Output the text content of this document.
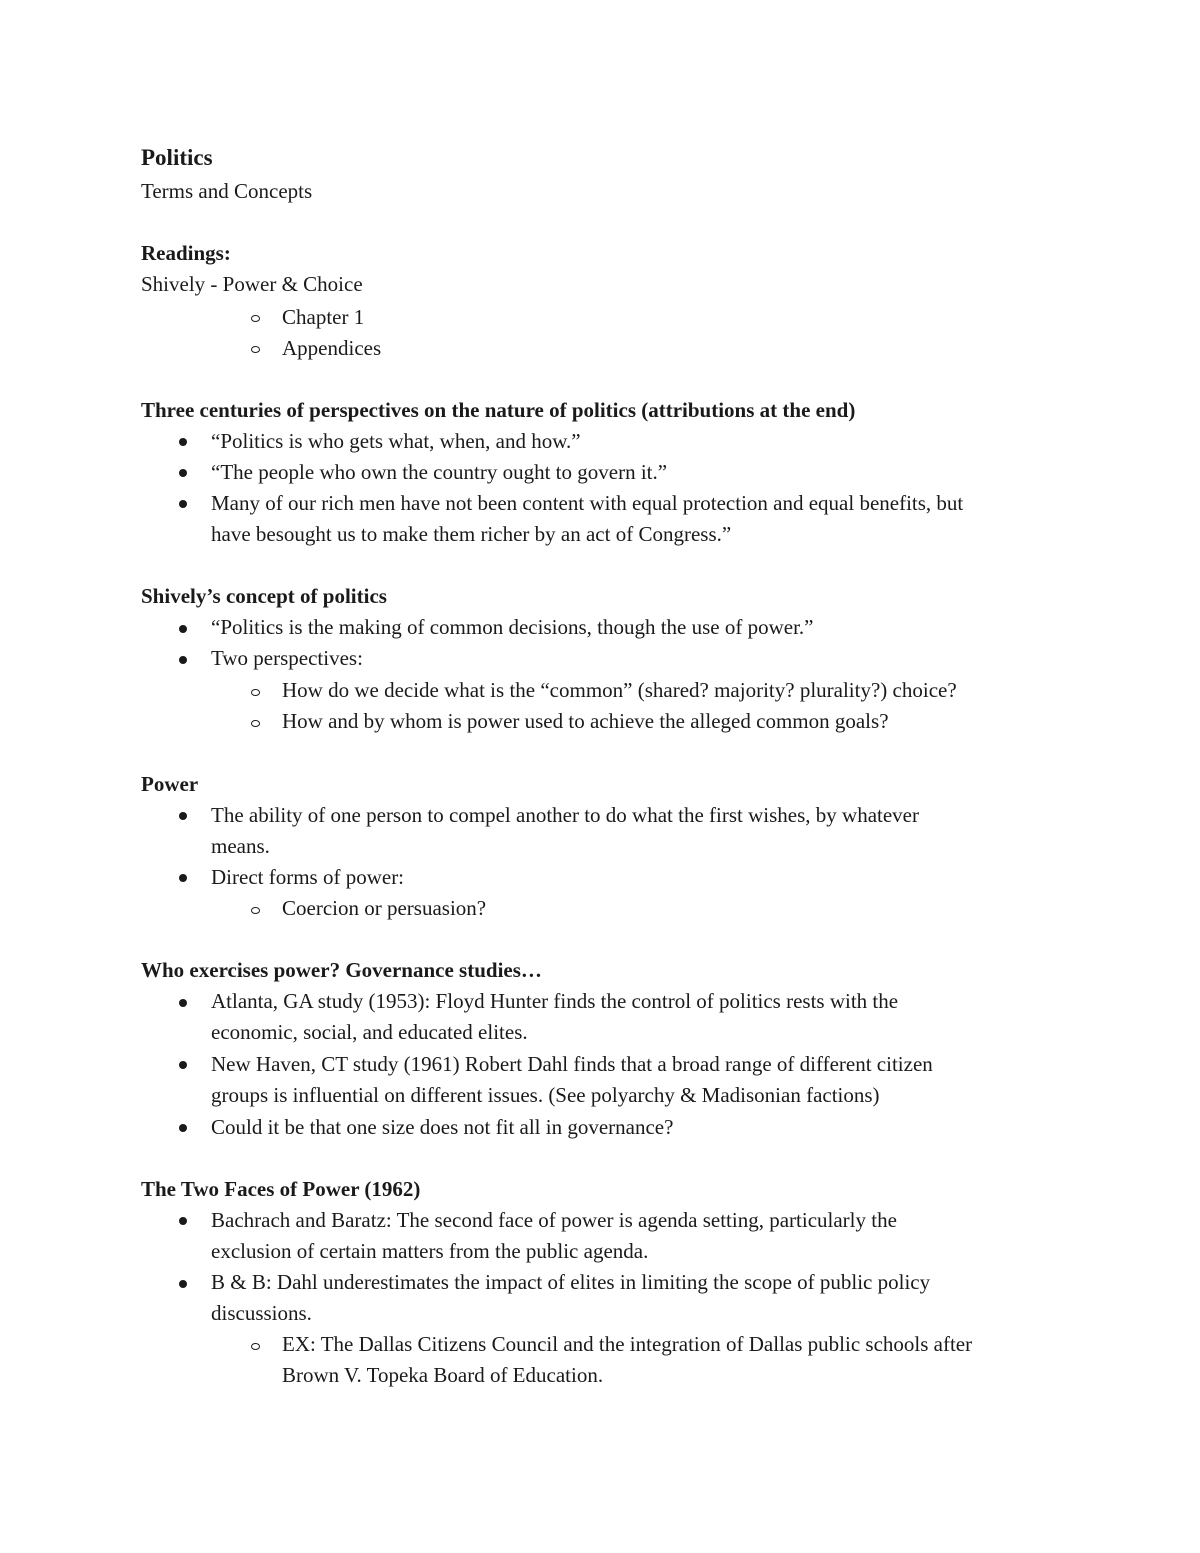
Politics
Terms and Concepts
Readings:
Shively - Power & Choice
Chapter 1
Appendices
Three centuries of perspectives on the nature of politics (attributions at the end)
“Politics is who gets what, when, and how.”
“The people who own the country ought to govern it.”
Many of our rich men have not been content with equal protection and equal benefits, but
have besought us to make them richer by an act of Congress.”
Shively’s concept of politics
“Politics is the making of common decisions, though the use of power.”
Two perspectives:
How do we decide what is the “common” (shared? majority? plurality?) choice?
How and by whom is power used to achieve the alleged common goals?
Power
The ability of one person to compel another to do what the first wishes, by whatever
means.
Direct forms of power:
Coercion or persuasion?
Who exercises power? Governance studies…
Atlanta, GA study (1953): Floyd Hunter finds the control of politics rests with the
economic, social, and educated elites.
New Haven, CT study (1961) Robert Dahl finds that a broad range of different citizen
groups is influential on different issues. (See polyarchy & Madisonian factions)
Could it be that one size does not fit all in governance?
The Two Faces of Power (1962)
Bachrach and Baratz: The second face of power is agenda setting, particularly the
exclusion of certain matters from the public agenda.
B & B: Dahl underestimates the impact of elites in limiting the scope of public policy
discussions.
EX: The Dallas Citizens Council and the integration of Dallas public schools after
Brown V. Topeka Board of Education.
